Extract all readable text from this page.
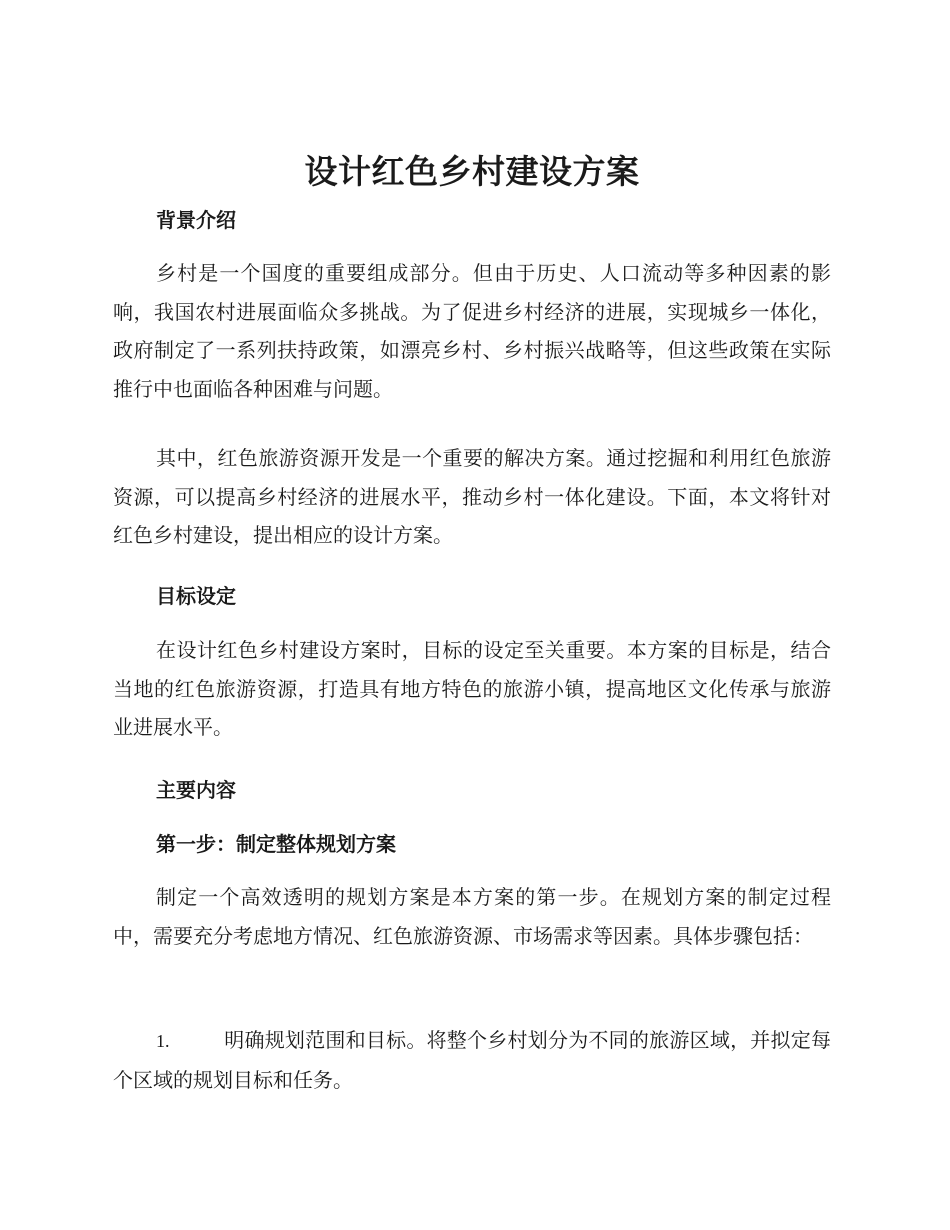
设计红色乡村建设方案
背景介绍

乡村是一个国度的重要组成部分。但由于历史、人口流动等多种因素的影响，我国农村进展面临众多挑战。为了促进乡村经济的进展，实现城乡一体化，政府制定了一系列扶持政策，如漂亮乡村、乡村振兴战略等，但这些政策在实际推行中也面临各种困难与问题。

其中，红色旅游资源开发是一个重要的解决方案。通过挖掘和利用红色旅游资源，可以提高乡村经济的进展水平，推动乡村一体化建设。下面，本文将针对红色乡村建设，提出相应的设计方案。

目标设定

在设计红色乡村建设方案时，目标的设定至关重要。本方案的目标是，结合当地的红色旅游资源，打造具有地方特色的旅游小镇，提高地区文化传承与旅游业进展水平。

主要内容
第一步：制定整体规划方案

制定一个高效透明的规划方案是本方案的第一步。在规划方案的制定过程中，需要充分考虑地方情况、红色旅游资源、市场需求等因素。具体步骤包括：

1.	明确规划范围和目标。将整个乡村划分为不同的旅游区域，并拟定每个区域的规划目标和任务。
